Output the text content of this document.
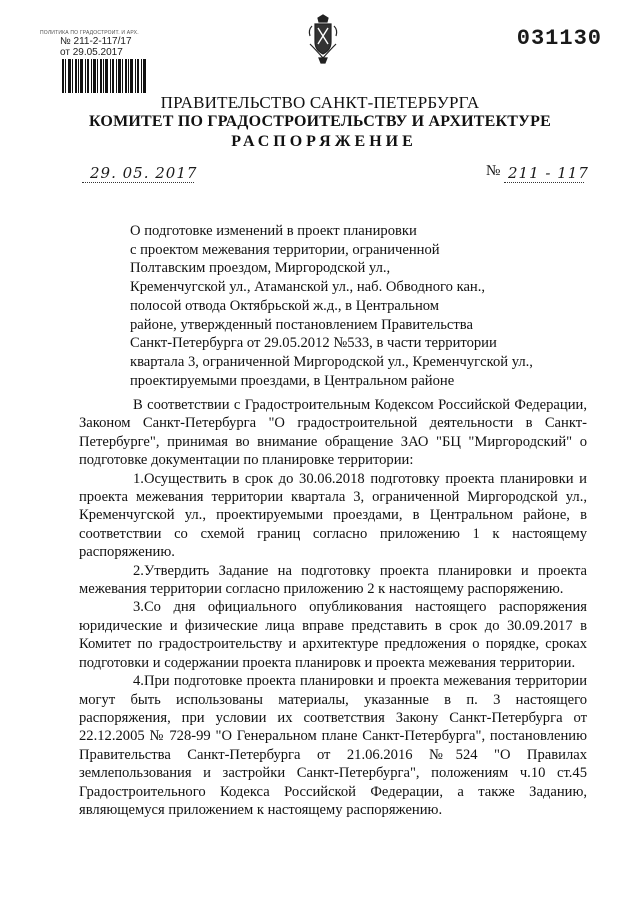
ПОЛИТИКА ПО ГРАДОСТРОИТ. И АРХ.
№ 211-2-117/17
от 29.05.2017
031130
ПРАВИТЕЛЬСТВО САНКТ-ПЕТЕРБУРГА
КОМИТЕТ ПО ГРАДОСТРОИТЕЛЬСТВУ И АРХИТЕКТУРЕ
РАСПОРЯЖЕНИЕ
29. 05. 2017	№ 211 - 117
О подготовке изменений в проект планировки
с проектом межевания территории, ограниченной
Полтавским проездом, Миргородской ул.,
Кременчугской ул., Атаманской ул., наб. Обводного кан.,
полосой отвода Октябрьской ж.д., в Центральном
районе, утвержденный постановлением Правительства
Санкт-Петербурга от 29.05.2012 №533, в части территории
квартала 3, ограниченной Миргородской ул., Кременчугской ул.,
проектируемыми проездами, в Центральном районе

В соответствии с Градостроительным Кодексом Российской Федерации, Законом Санкт-Петербурга "О градостроительной деятельности в Санкт-Петербурге", принимая во внимание обращение ЗАО "БЦ "Миргородский" о подготовке документации по планировке территории:

1.Осуществить в срок до 30.06.2018 подготовку проекта планировки и проекта межевания территории квартала 3, ограниченной Миргородской ул., Кременчугской ул., проектируемыми проездами, в Центральном районе, в соответствии со схемой границ согласно приложению 1 к настоящему распоряжению.

2.Утвердить Задание на подготовку проекта планировки и проекта межевания территории согласно приложению 2 к настоящему распоряжению.

3.Со дня официального опубликования настоящего распоряжения юридические и физические лица вправе представить в срок до 30.09.2017 в Комитет по градостроительству и архитектуре предложения о порядке, сроках подготовки и содержании проекта планировк и проекта межевания территории.

4.При подготовке проекта планировки и проекта межевания территории могут быть использованы материалы, указанные в п. 3 настоящего распоряжения, при условии их соответствия Закону Санкт-Петербурга от 22.12.2005 № 728-99 "О Генеральном плане Санкт-Петербурга", постановлению Правительства Санкт-Петербурга от 21.06.2016 №524 "О Правилах землепользования и застройки Санкт-Петербурга", положениям ч.10 ст.45 Градостроительного Кодекса Российской Федерации, а также Заданию, являющемуся приложением к настоящему распоряжению.
